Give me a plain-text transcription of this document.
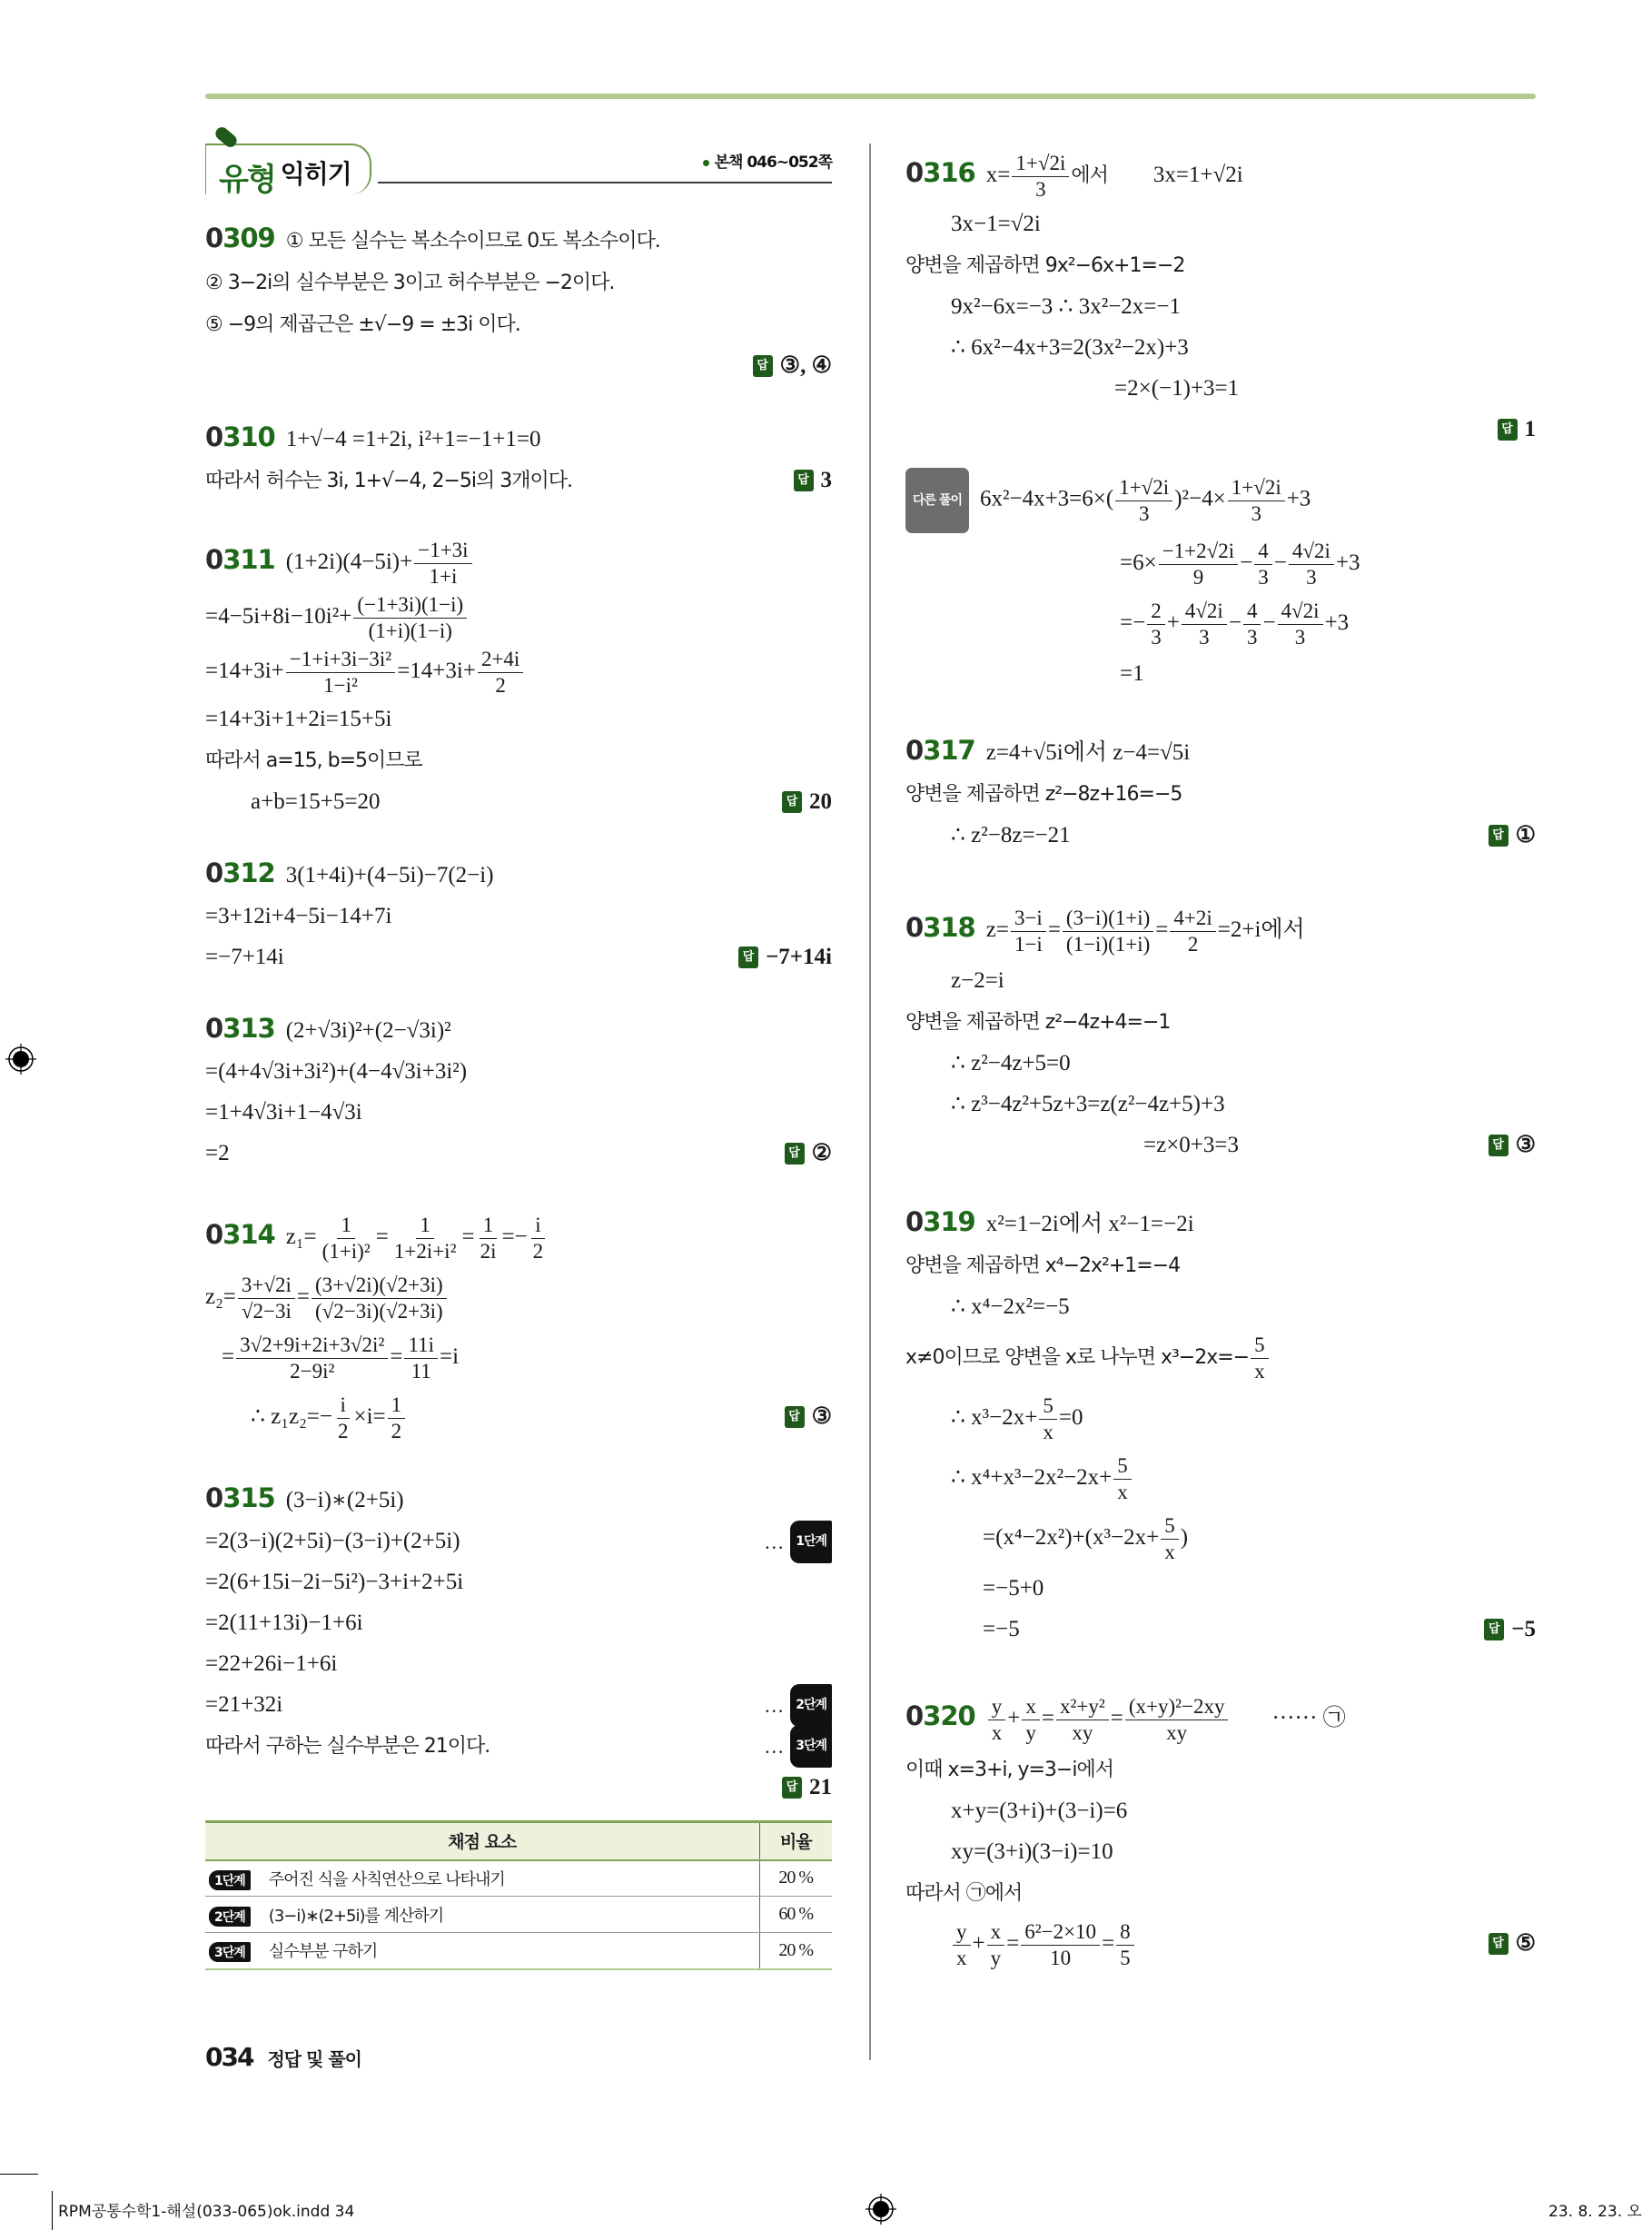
유형 익히기	본책 046~052쪽
0309 ① 모든 실수는 복소수이므로 0도 복소수이다.
② 3−2i의 실수부분은 3이고 허수부분은 −2이다.
⑤ −9의 제곱근은 ±√−9 = ±3i 이다.
답 ③, ④
0310 1+√−4 =1+2i, i²+1=−1+1=0
따라서 허수는 3i, 1+√−4, 2−5i의 3개이다.	답 3
0311 $(1+2i)(4-5i)+ \frac{-1+3i}{1+i}$
$=4-5i+8i-10i^2+ \frac{(-1+3i)(1-i)}{(1+i)(1-i)}$
$=14+3i+ \frac{\text{−1+i+3i−3i²}}{\text{1−i²}} =14+3i+ \frac{2+4i}{2}$
=14+3i+1+2i=15+5i
따라서 a=15, b=5이므로
a+b=15+5=20	답 20
0312 3(1+4i)+(4−5i)−7(2−i)
=3+12i+4−5i−14+7i
=−7+14i	답 −7+14i
0313 (2+√3i)²+(2−√3i)²
=(4+4√3i+3i²)+(4−4√3i+3i²)
=1+4√3i+1−4√3i
=2	답 ②
0314 $z_1= \frac{1}{\text{(1+i)²}} = \frac{1}{\text{1+2i+i²}} = \frac{1}{2i} =- \frac{i}{2}$
$z_2= \frac{3+√2i}{√2-3i} = \frac{(3+√2i)(√2+3i)}{(√2-3i)(√2+3i)}$
= $\frac{\text{3√2+9i+2i+3√2i²}}{\text{2−9i²}} = \frac{11i}{11} =i$
∴ $z_1z_2=- \frac{i}{2} \times i= \frac{1}{2}$	답 ③
0315 (3−i)∗(2+5i)
=2(3−i)(2+5i)−(3−i)+(2+5i)	… 1단계
=2(6+15i−2i−5i²)−3+i+2+5i
=2(11+13i)−1+6i
=22+26i−1+6i
=21+32i	… 2단계
따라서 구하는 실수부분은 21이다.	… 3단계
답 21
채점 요소	비율
1단계 주어진 식을 사칙연산으로 나타내기	20 %
2단계 (3−i)∗(2+5i)를 계산하기	60 %
3단계 실수부분 구하기	20 %
0316 $x= \frac{1+√2i}{3}$ 에서 3x=1+√2i
3x−1=√2i
양변을 제곱하면 9x²−6x+1=−2
9x²−6x=−3 ∴ 3x²−2x=−1
∴ 6x²−4x+3=2(3x²−2x)+3
=2×(−1)+3=1
답 1
다른 풀이 $6x^2-4x+3=6\times( \frac{1+√2i}{3} )^2-4\times \frac{1+√2i}{3} +3$
$=6\times \frac{-1+2√2i}{9} - \frac{4}{3} - \frac{4√2i}{3} +3$
=− $\frac{2}{3} + \frac{4√2i}{3} - \frac{4}{3} - \frac{4√2i}{3} +3$
=1
0317 z=4+√5i에서 z−4=√5i
양변을 제곱하면 z²−8z+16=−5
∴ z²−8z=−21	답 ①
0318 $z= \frac{3-i}{1-i} = \frac{(3-i)(1+i)}{(1-i)(1+i)} = \frac{4+2i}{2} =2+i$에서
z−2=i
양변을 제곱하면 z²−4z+4=−1
∴ z²−4z+5=0
∴ z³−4z²+5z+3=z(z²−4z+5)+3
=z×0+3=3	답 ③
0319 x²=1−2i에서 x²−1=−2i
양변을 제곱하면 x⁴−2x²+1=−4
∴ x⁴−2x²=−5
x≠0이므로 양변을 x로 나누면 $x^3-2x=- \frac{5}{x}$
∴ $x^3-2x+ \frac{5}{x} =0$
∴ $x^4+x^3-2x^2-2x+ \frac{5}{x}$
$=(x^4-2x^2)+(x^3-2x+ \frac{5}{x}$ )
=−5+0
=−5	답 −5
$0320 \frac{y}{x} + \frac{x}{y} = \frac{\text{x²+y²}}{xy} = \frac{\text{(x+y)²−2xy}}{xy}$ ······ ㉠
이때 x=3+i, y=3−i에서
x+y=(3+i)+(3−i)=6
xy=(3+i)(3−i)=10
따라서 ㉠에서
$\frac{y}{x} + \frac{x}{y} = \frac{\text{6²−2×10}}{10} = \frac{8}{5}$	답 ⑤
034 정답 및 풀이
RPM공통수학1-해설(033-065)ok.indd 34	23. 8. 23. 오
